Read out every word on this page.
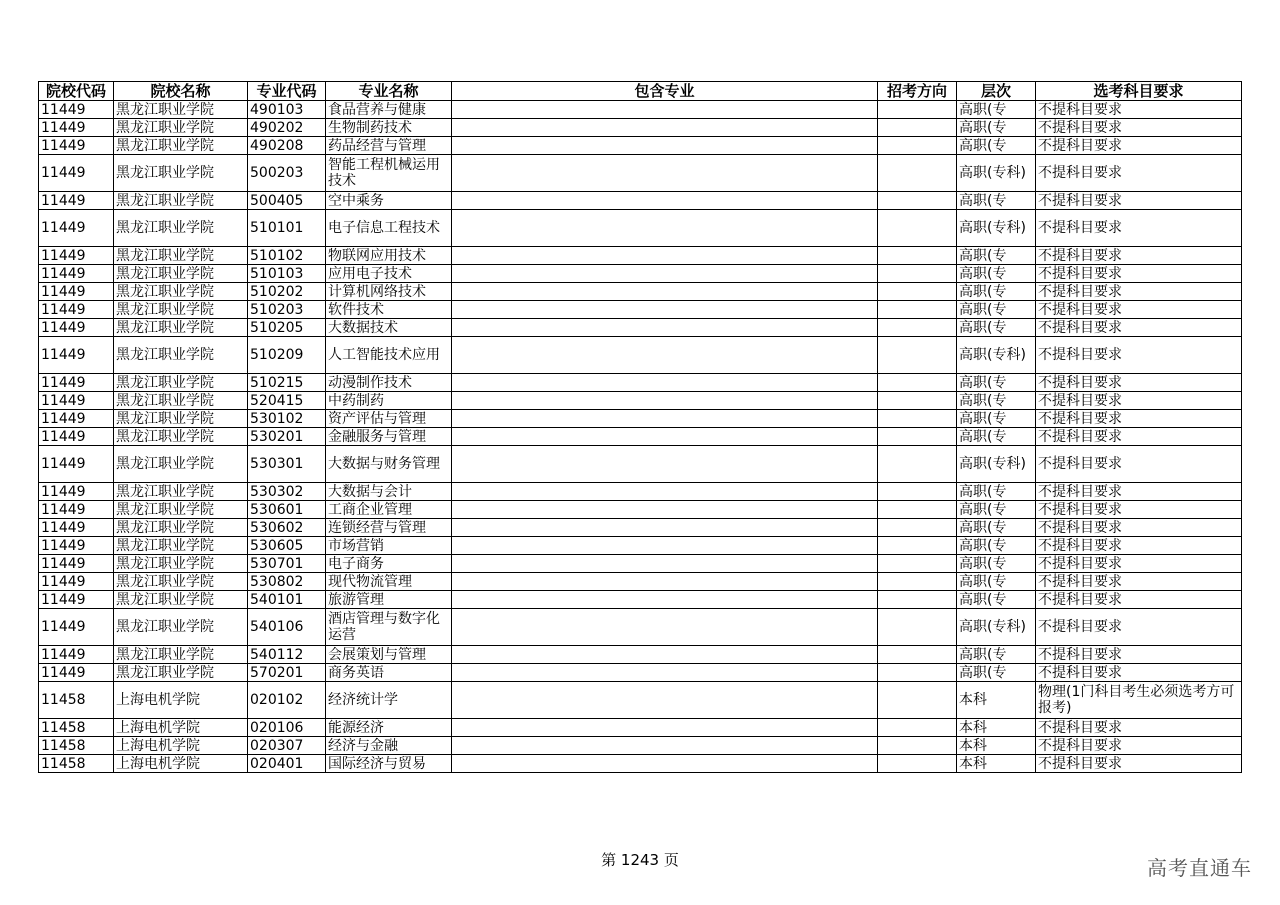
院校代码	院校名称	专业代码	专业名称	包含专业	招考方向	层次	选考科目要求
11449	黑龙江职业学院	490103	食品营养与健康			高职(专	不提科目要求
11449	黑龙江职业学院	490202	生物制药技术			高职(专	不提科目要求
11449	黑龙江职业学院	490208	药品经营与管理			高职(专	不提科目要求
11449	黑龙江职业学院	500203	智能工程机械运用技术			高职(专科)	不提科目要求
11449	黑龙江职业学院	500405	空中乘务			高职(专	不提科目要求
11449	黑龙江职业学院	510101	电子信息工程技术			高职(专科)	不提科目要求
11449	黑龙江职业学院	510102	物联网应用技术			高职(专	不提科目要求
11449	黑龙江职业学院	510103	应用电子技术			高职(专	不提科目要求
11449	黑龙江职业学院	510202	计算机网络技术			高职(专	不提科目要求
11449	黑龙江职业学院	510203	软件技术			高职(专	不提科目要求
11449	黑龙江职业学院	510205	大数据技术			高职(专	不提科目要求
11449	黑龙江职业学院	510209	人工智能技术应用			高职(专科)	不提科目要求
11449	黑龙江职业学院	510215	动漫制作技术			高职(专	不提科目要求
11449	黑龙江职业学院	520415	中药制药			高职(专	不提科目要求
11449	黑龙江职业学院	530102	资产评估与管理			高职(专	不提科目要求
11449	黑龙江职业学院	530201	金融服务与管理			高职(专	不提科目要求
11449	黑龙江职业学院	530301	大数据与财务管理			高职(专科)	不提科目要求
11449	黑龙江职业学院	530302	大数据与会计			高职(专	不提科目要求
11449	黑龙江职业学院	530601	工商企业管理			高职(专	不提科目要求
11449	黑龙江职业学院	530602	连锁经营与管理			高职(专	不提科目要求
11449	黑龙江职业学院	530605	市场营销			高职(专	不提科目要求
11449	黑龙江职业学院	530701	电子商务			高职(专	不提科目要求
11449	黑龙江职业学院	530802	现代物流管理			高职(专	不提科目要求
11449	黑龙江职业学院	540101	旅游管理			高职(专	不提科目要求
11449	黑龙江职业学院	540106	酒店管理与数字化运营			高职(专科)	不提科目要求
11449	黑龙江职业学院	540112	会展策划与管理			高职(专	不提科目要求
11449	黑龙江职业学院	570201	商务英语			高职(专	不提科目要求
11458	上海电机学院	020102	经济统计学			本科	物理(1门科目考生必须选考方可报考)
11458	上海电机学院	020106	能源经济			本科	不提科目要求
11458	上海电机学院	020307	经济与金融			本科	不提科目要求
11458	上海电机学院	020401	国际经济与贸易			本科	不提科目要求
第 1243 页	高考直通车
